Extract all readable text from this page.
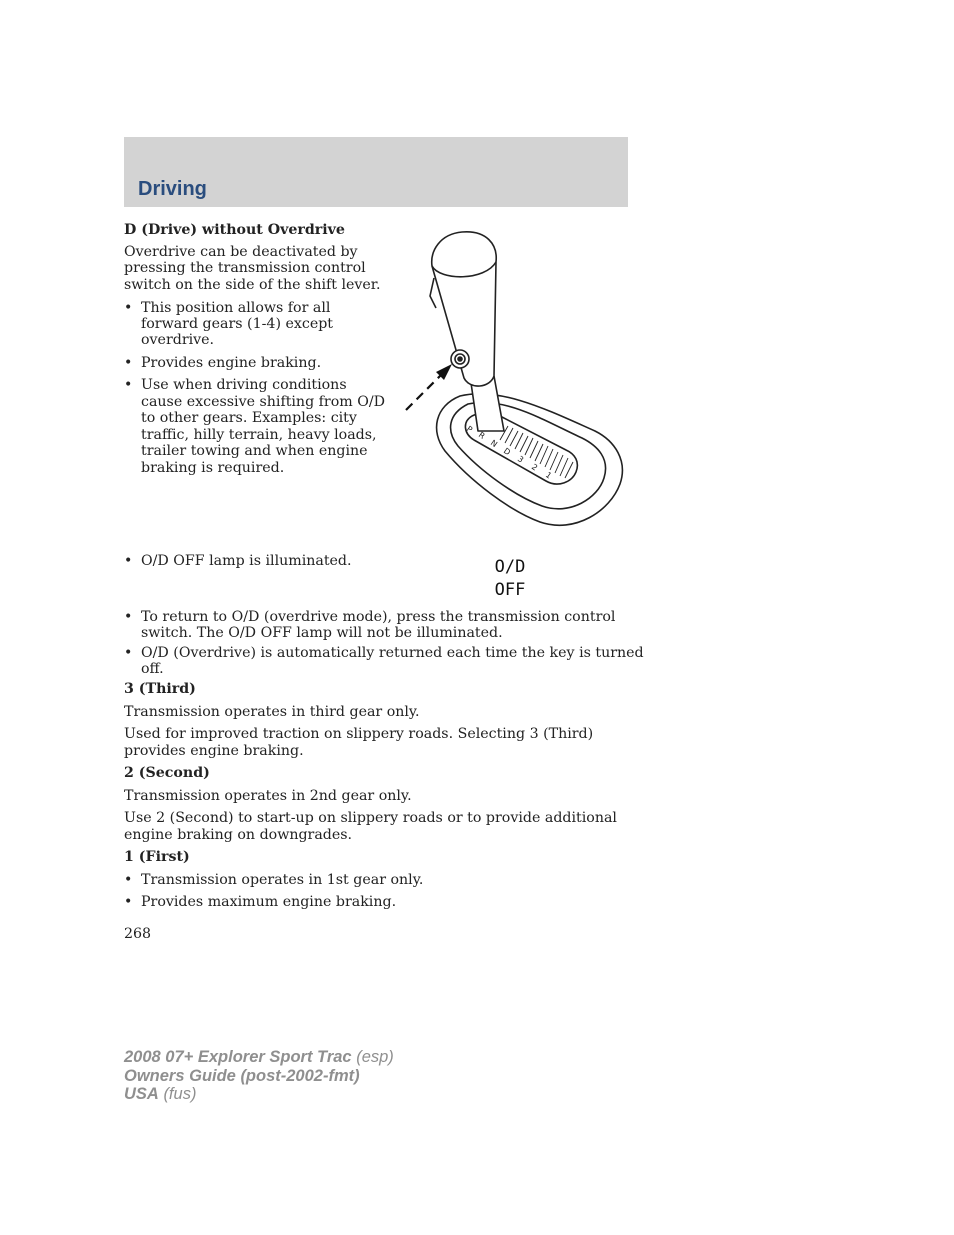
Driving

D (Drive) without Overdrive

Overdrive can be deactivated by

pressing the transmission control

switch on the side of the shift lever.

• This position allows for all
forward gears (1-4) except
overdrive.
• Provides engine braking.
• Use when driving conditions
cause excessive shifting from O/D
to other gears. Examples: city
traffic, hilly terrain, heavy loads,
trailer towing and when engine
braking is required.
P
R
N
D
3
2
1
• O/D OFF lamp is illuminated.	O/D
OFF
• To return to O/D (overdrive mode), press the transmission control
switch. The O/D OFF lamp will not be illuminated.
• O/D (Overdrive) is automatically returned each time the key is turned
off.

3 (Third)

Transmission operates in third gear only.

Used for improved traction on slippery roads. Selecting 3 (Third)

provides engine braking.

2 (Second)

Transmission operates in 2nd gear only.

Use 2 (Second) to start-up on slippery roads or to provide additional

engine braking on downgrades.

1 (First)

• Transmission operates in 1st gear only.
• Provides maximum engine braking.

268

2008 07+ Explorer Sport Trac (esp)
Owners Guide (post-2002-fmt)
USA (fus)
